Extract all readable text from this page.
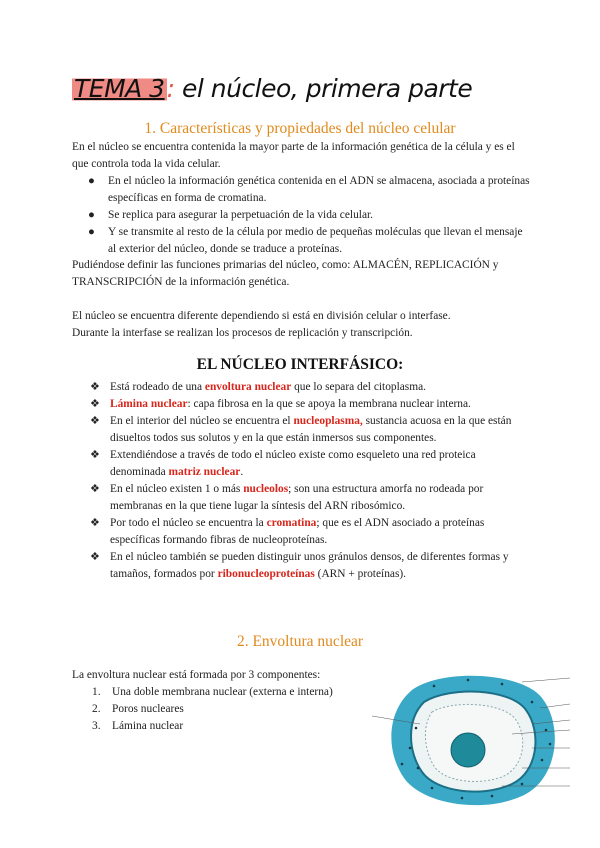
TEMA 3: el núcleo, primera parte
1. Características y propiedades del núcleo celular

En el núcleo se encuentra contenida la mayor parte de la información genética de la célula y es el que controla toda la vida celular.

● En el núcleo la información genética contenida en el ADN se almacena, asociada a proteínas específicas en forma de cromatina.
● Se replica para asegurar la perpetuación de la vida celular.
● Y se transmite al resto de la célula por medio de pequeñas moléculas que llevan el mensaje al exterior del núcleo, donde se traduce a proteínas.

Pudiéndose definir las funciones primarias del núcleo, como: ALMACÉN, REPLICACIÓN y TRANSCRIPCIÓN de la información genética.

El núcleo se encuentra diferente dependiendo si está en división celular o interfase.

Durante la interfase se realizan los procesos de replicación y transcripción.

EL NÚCLEO INTERFÁSICO:
❖ Está rodeado de una envoltura nuclear que lo separa del citoplasma.
❖ Lámina nuclear: capa fibrosa en la que se apoya la membrana nuclear interna.
❖ En el interior del núcleo se encuentra el nucleoplasma, sustancia acuosa en la que están disueltos todos sus solutos y en la que están inmersos sus componentes.
❖ Extendiéndose a través de todo el núcleo existe como esqueleto una red proteica denominada matriz nuclear.
❖ En el núcleo existen 1 o más nucleolos; son una estructura amorfa no rodeada por membranas en la que tiene lugar la síntesis del ARN ribosómico.
❖ Por todo el núcleo se encuentra la cromatina; que es el ADN asociado a proteínas específicas formando fibras de nucleoproteínas.
❖ En el núcleo también se pueden distinguir unos gránulos densos, de diferentes formas y tamaños, formados por ribonucleoproteínas (ARN + proteínas).
2. Envoltura nuclear

La envoltura nuclear está formada por 3 componentes:

1. Una doble membrana nuclear (externa e interna)
2. Poros nucleares
3. Lámina nuclear
